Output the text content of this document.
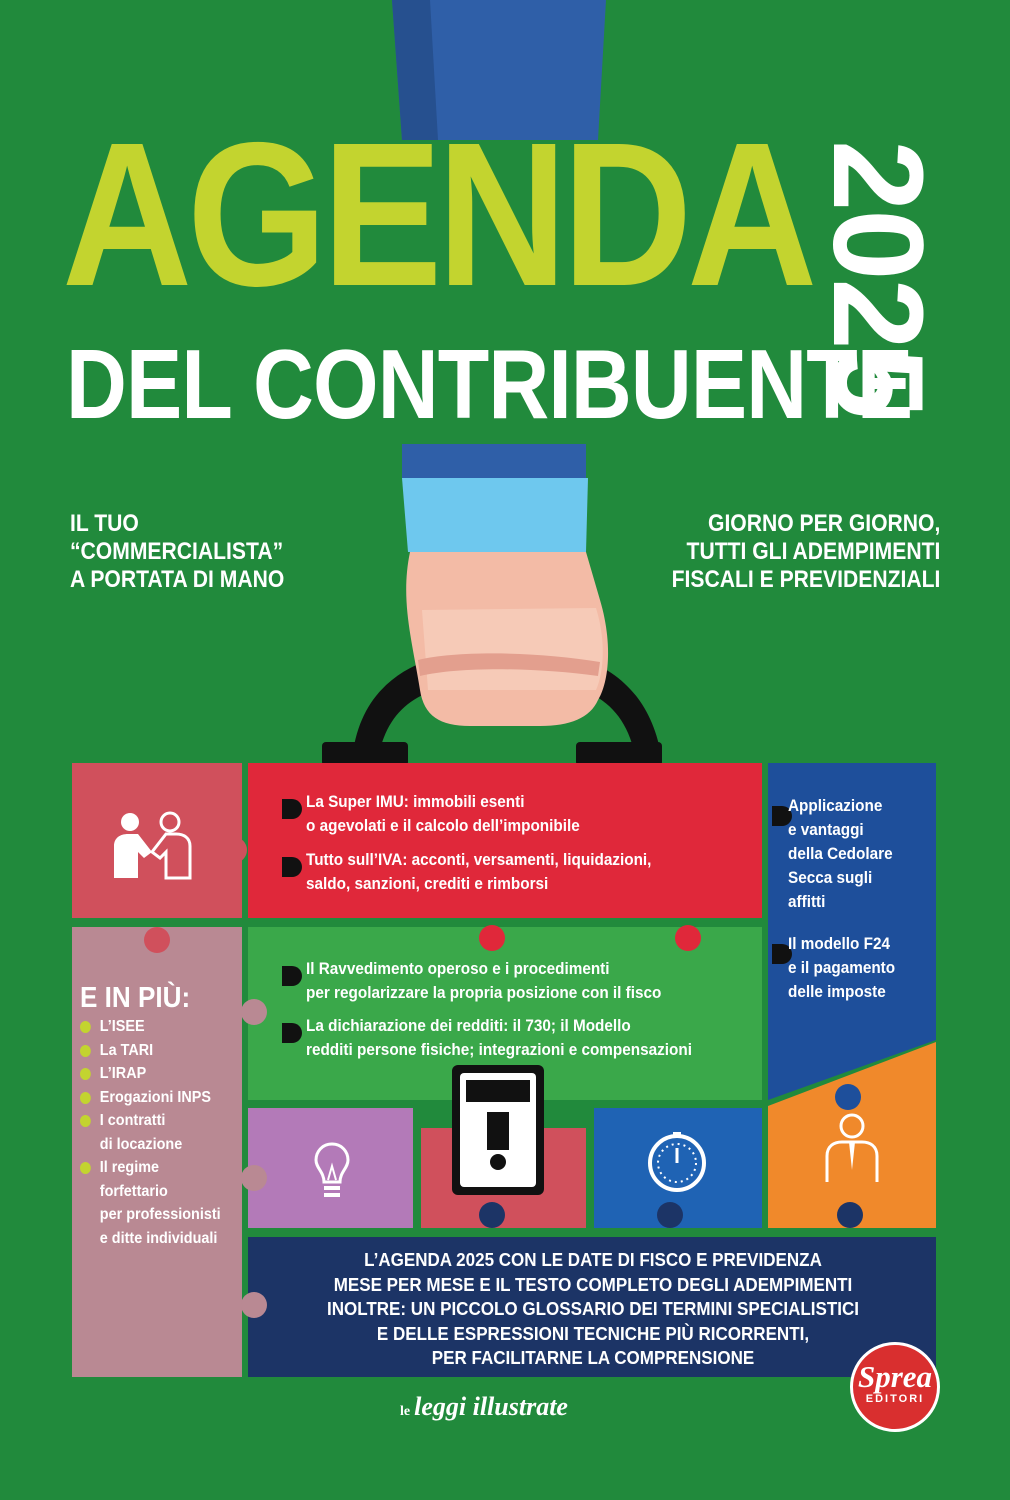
AGENDA
DEL CONTRIBUENTE
2025
IL TUO
“COMMERCIALISTA”
A PORTATA DI MANO
GIORNO PER GIORNO,
TUTTI GLI ADEMPIMENTI
FISCALI E PREVIDENZIALI
La Super IMU: immobili esenti
o agevolati e il calcolo dell’imponibile
Tutto sull’IVA: acconti, versamenti, liquidazioni,
saldo, sanzioni, crediti e rimborsi
Applicazione
e vantaggi
della Cedolare
Secca sugli
affitti
Il modello F24
e il pagamento
delle imposte
Il Ravvedimento operoso e i procedimenti
per regolarizzare la propria posizione con il fisco
La dichiarazione dei redditi: il 730; il Modello
redditi persone fisiche; integrazioni e compensazioni
E IN PIÙ:
L’ISEE
La TARI
L’IRAP
Erogazioni INPS
I contratti
di locazione
Il regime
forfettario
per professionisti
e ditte individuali
L’AGENDA 2025 CON LE DATE DI FISCO E PREVIDENZA
MESE PER MESE E IL TESTO COMPLETO DEGLI ADEMPIMENTI
INOLTRE: UN PICCOLO GLOSSARIO DEI TERMINI SPECIALISTICI
E DELLE ESPRESSIONI TECNICHE PIÙ RICORRENTI,
PER FACILITARNE LA COMPRENSIONE
le leggi illustrate
Sprea
EDITORI
